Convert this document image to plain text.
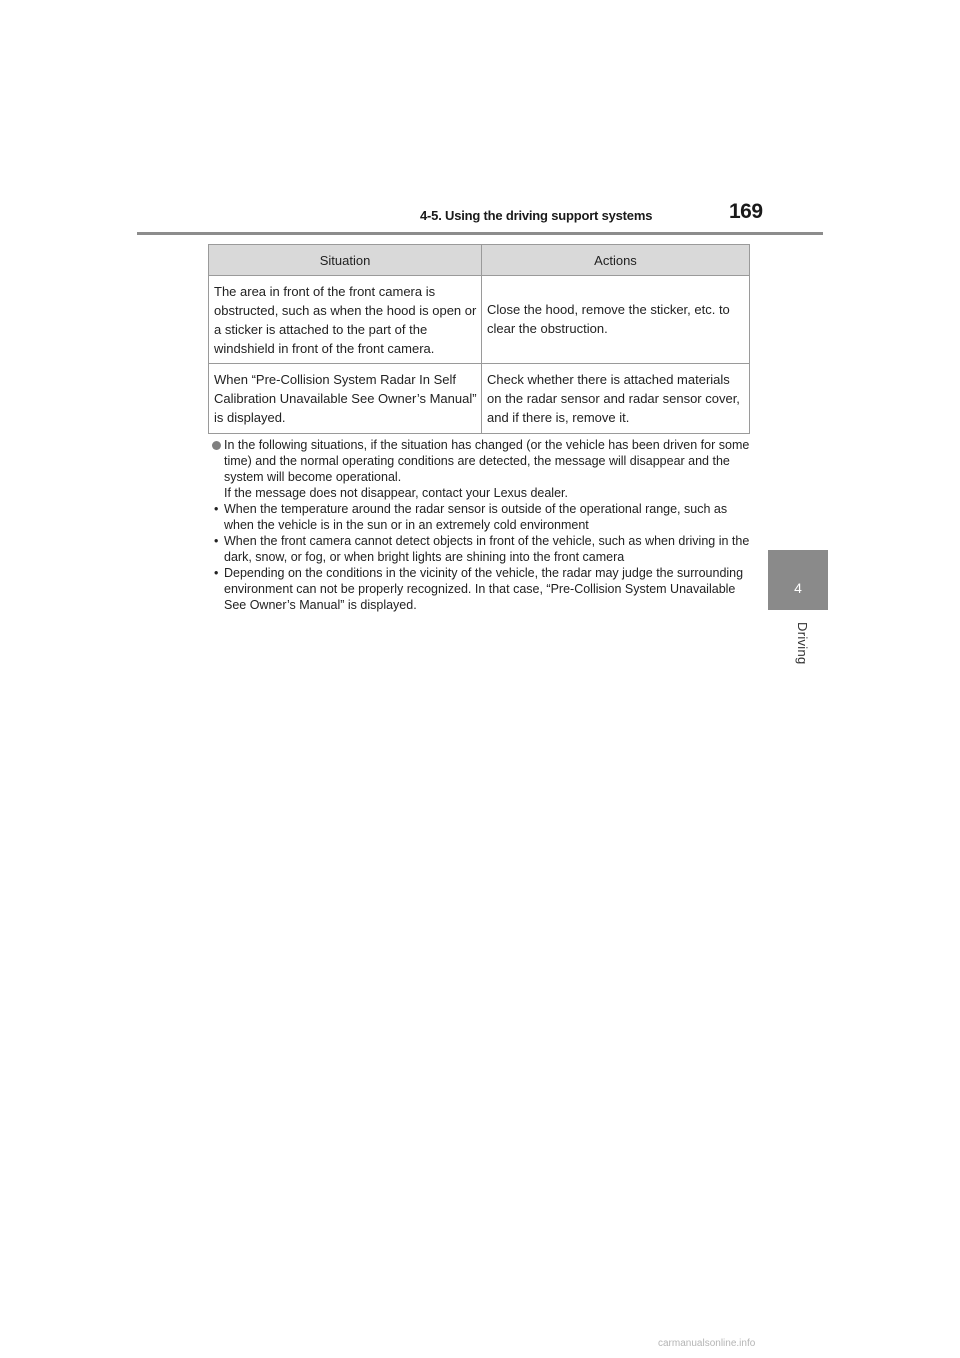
4-5. Using the driving support systems	169
4
Driving
Situation	Actions
The area in front of the front camera is obstructed, such as when the hood is open or a sticker is attached to the part of the windshield in front of the front camera.	Close the hood, remove the sticker, etc. to clear the obstruction.
When “Pre-Collision System Radar In Self Calibration Unavailable See Owner’s Manual” is displayed.	Check whether there is attached materials on the radar sensor and radar sensor cover, and if there is, remove it.
In the following situations, if the situation has changed (or the vehicle has been driven for some time) and the normal operating conditions are detected, the message will disappear and the system will become operational.
If the message does not disappear, contact your Lexus dealer.
• When the temperature around the radar sensor is outside of the operational range, such as when the vehicle is in the sun or in an extremely cold environment
• When the front camera cannot detect objects in front of the vehicle, such as when driving in the dark, snow, or fog, or when bright lights are shining into the front camera
• Depending on the conditions in the vicinity of the vehicle, the radar may judge the surrounding environment can not be properly recognized. In that case, “Pre-Collision System Unavailable See Owner’s Manual” is displayed.
carmanualsonline.info
